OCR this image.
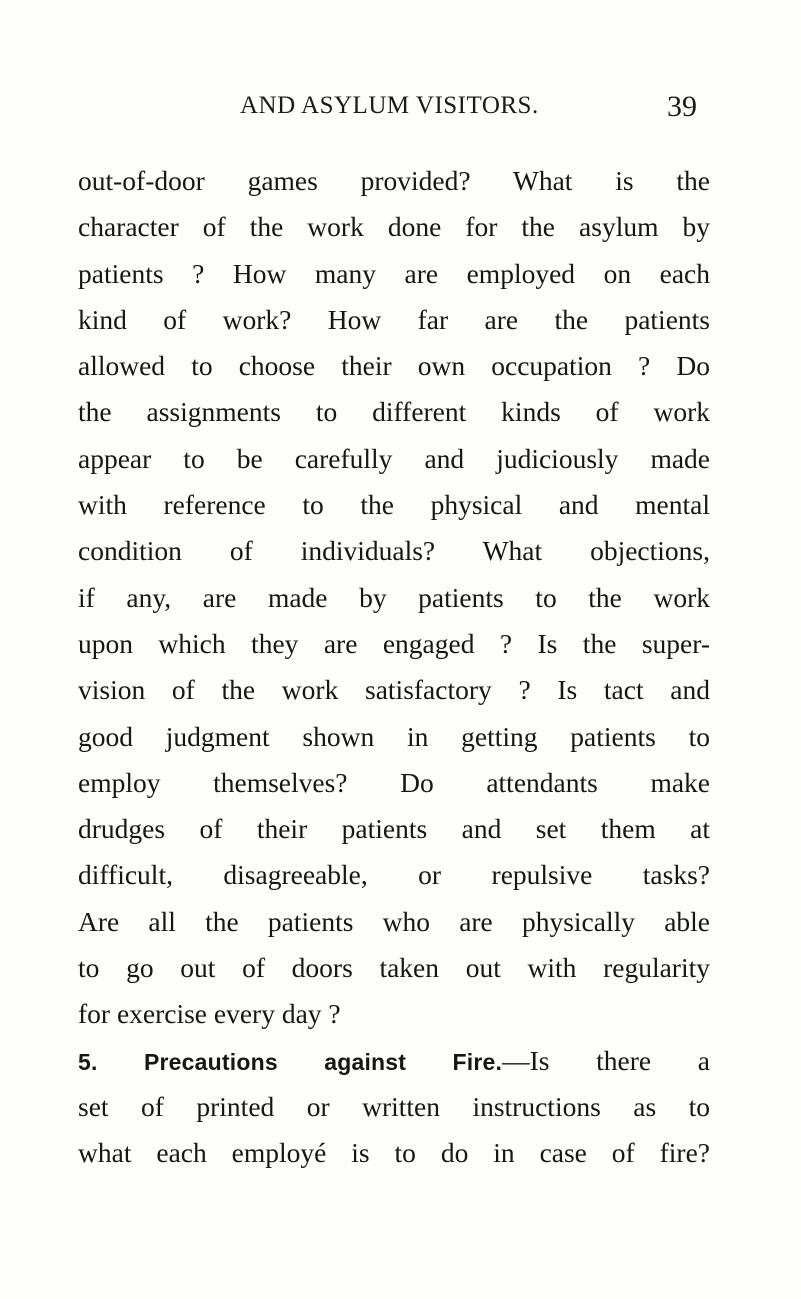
AND ASYLUM VISITORS.	39
out-of-door games provided? What is the
character of the work done for the asylum by
patients ? How many are employed on each
kind of work? How far are the patients
allowed to choose their own occupation ? Do
the assignments to different kinds of work
appear to be carefully and judiciously made
with reference to the physical and mental
condition of individuals? What objections,
if any, are made by patients to the work
upon which they are engaged ? Is the super-
vision of the work satisfactory ? Is tact and
good judgment shown in getting patients to
employ themselves? Do attendants make
drudges of their patients and set them at
difficult, disagreeable, or repulsive tasks?
Are all the patients who are physically able
to go out of doors taken out with regularity
for exercise every day ?
5. Precautions against Fire.—Is there a
set of printed or written instructions as to
what each employé is to do in case of fire?
